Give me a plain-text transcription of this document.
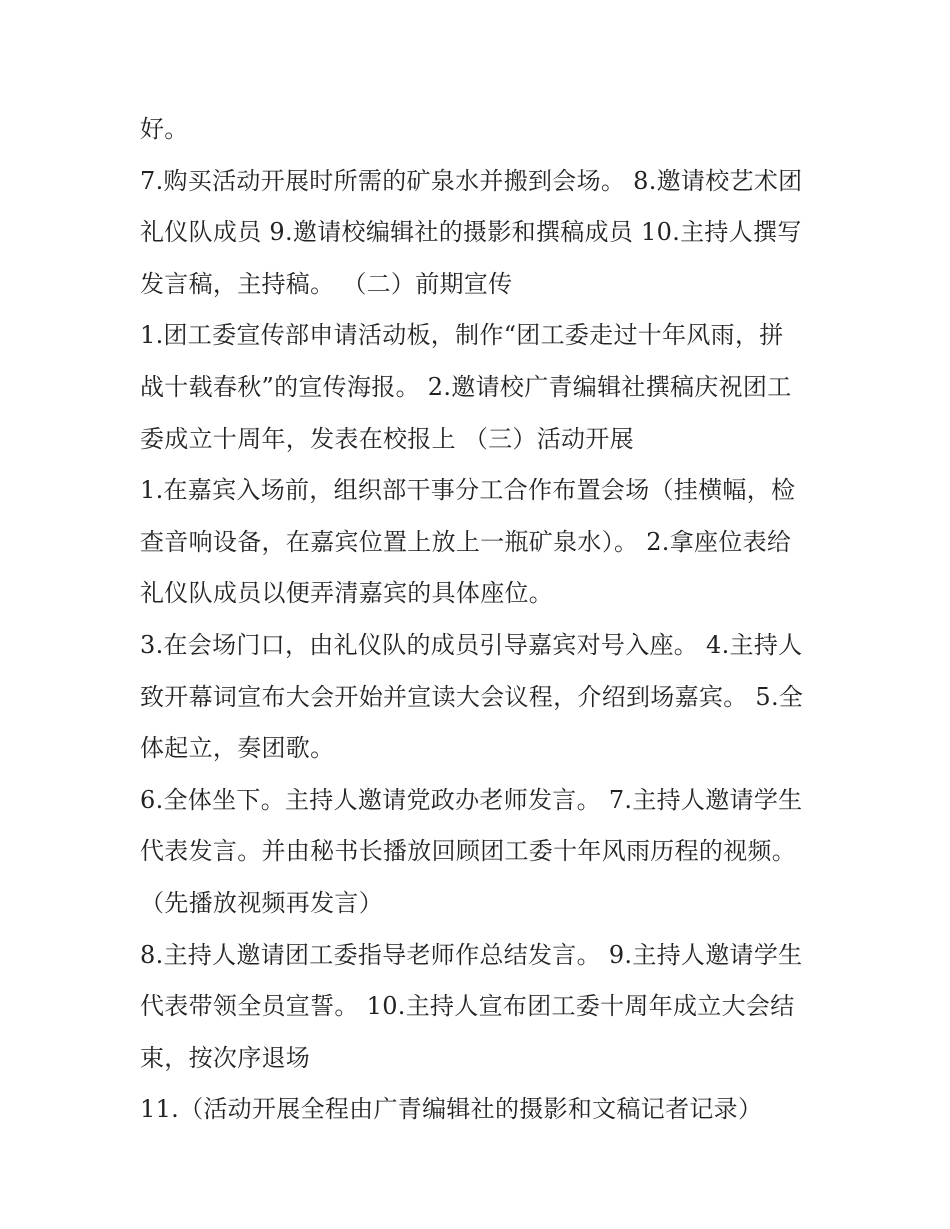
好。
7.购买活动开展时所需的矿泉水并搬到会场。 8.邀请校艺术团
礼仪队成员 9.邀请校编辑社的摄影和撰稿成员 10.主持人撰写
发言稿，主持稿。 （二）前期宣传
1.团工委宣传部申请活动板，制作“团工委走过十年风雨，拼
战十载春秋”的宣传海报。 2.邀请校广青编辑社撰稿庆祝团工
委成立十周年，发表在校报上 （三）活动开展
1.在嘉宾入场前，组织部干事分工合作布置会场（挂横幅，检
查音响设备，在嘉宾位置上放上一瓶矿泉水）。 2.拿座位表给
礼仪队成员以便弄清嘉宾的具体座位。
3.在会场门口，由礼仪队的成员引导嘉宾对号入座。 4.主持人
致开幕词宣布大会开始并宣读大会议程，介绍到场嘉宾。 5.全
体起立，奏团歌。
6.全体坐下。主持人邀请党政办老师发言。 7.主持人邀请学生
代表发言。并由秘书长播放回顾团工委十年风雨历程的视频。
（先播放视频再发言）
8.主持人邀请团工委指导老师作总结发言。 9.主持人邀请学生
代表带领全员宣誓。 10.主持人宣布团工委十周年成立大会结
束，按次序退场
11.（活动开展全程由广青编辑社的摄影和文稿记者记录）
